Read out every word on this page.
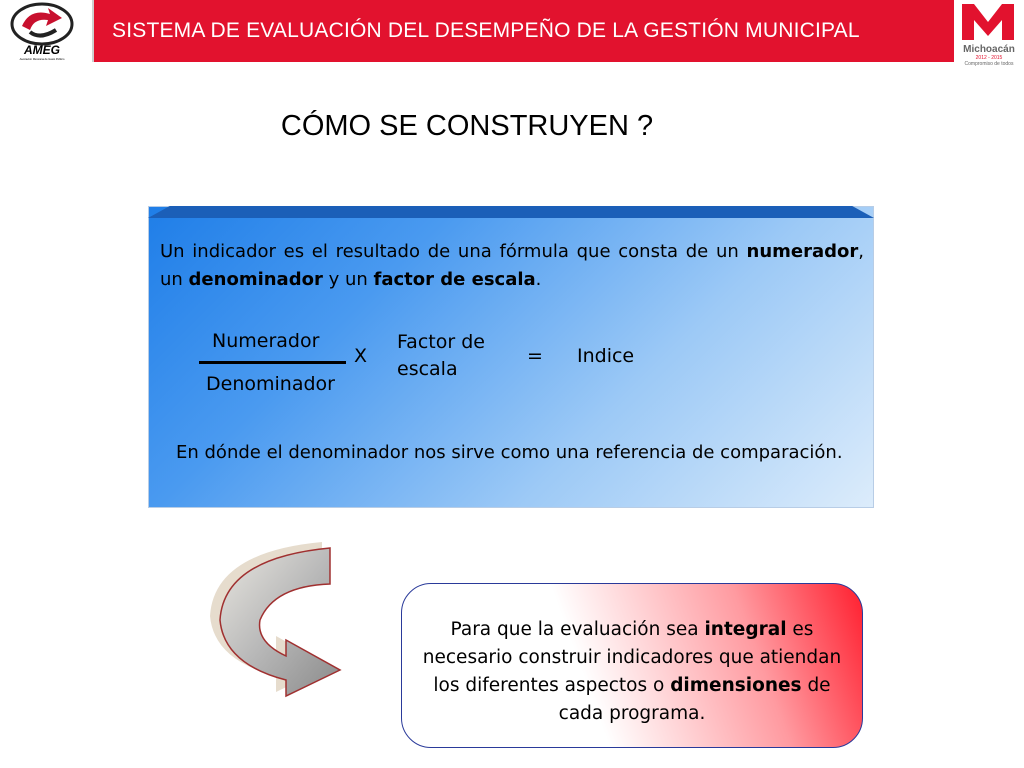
AMEG
Asociación Mexicana de Gasto Público
SISTEMA DE EVALUACIÓN DEL DESEMPEÑO DE LA GESTIÓN MUNICIPAL
Michoacán
2012 - 2015
Compromiso de todos
CÓMO SE CONSTRUYEN ?
Un indicador es el resultado de una fórmula que consta de un numerador, un denominador y un factor de escala.
Numerador
Denominador
X
Factor de
escala
= Indice
En dónde el denominador nos sirve como una referencia de comparación.
Para que la evaluación sea integral es necesario construir indicadores que atiendan los diferentes aspectos o dimensiones de cada programa.
